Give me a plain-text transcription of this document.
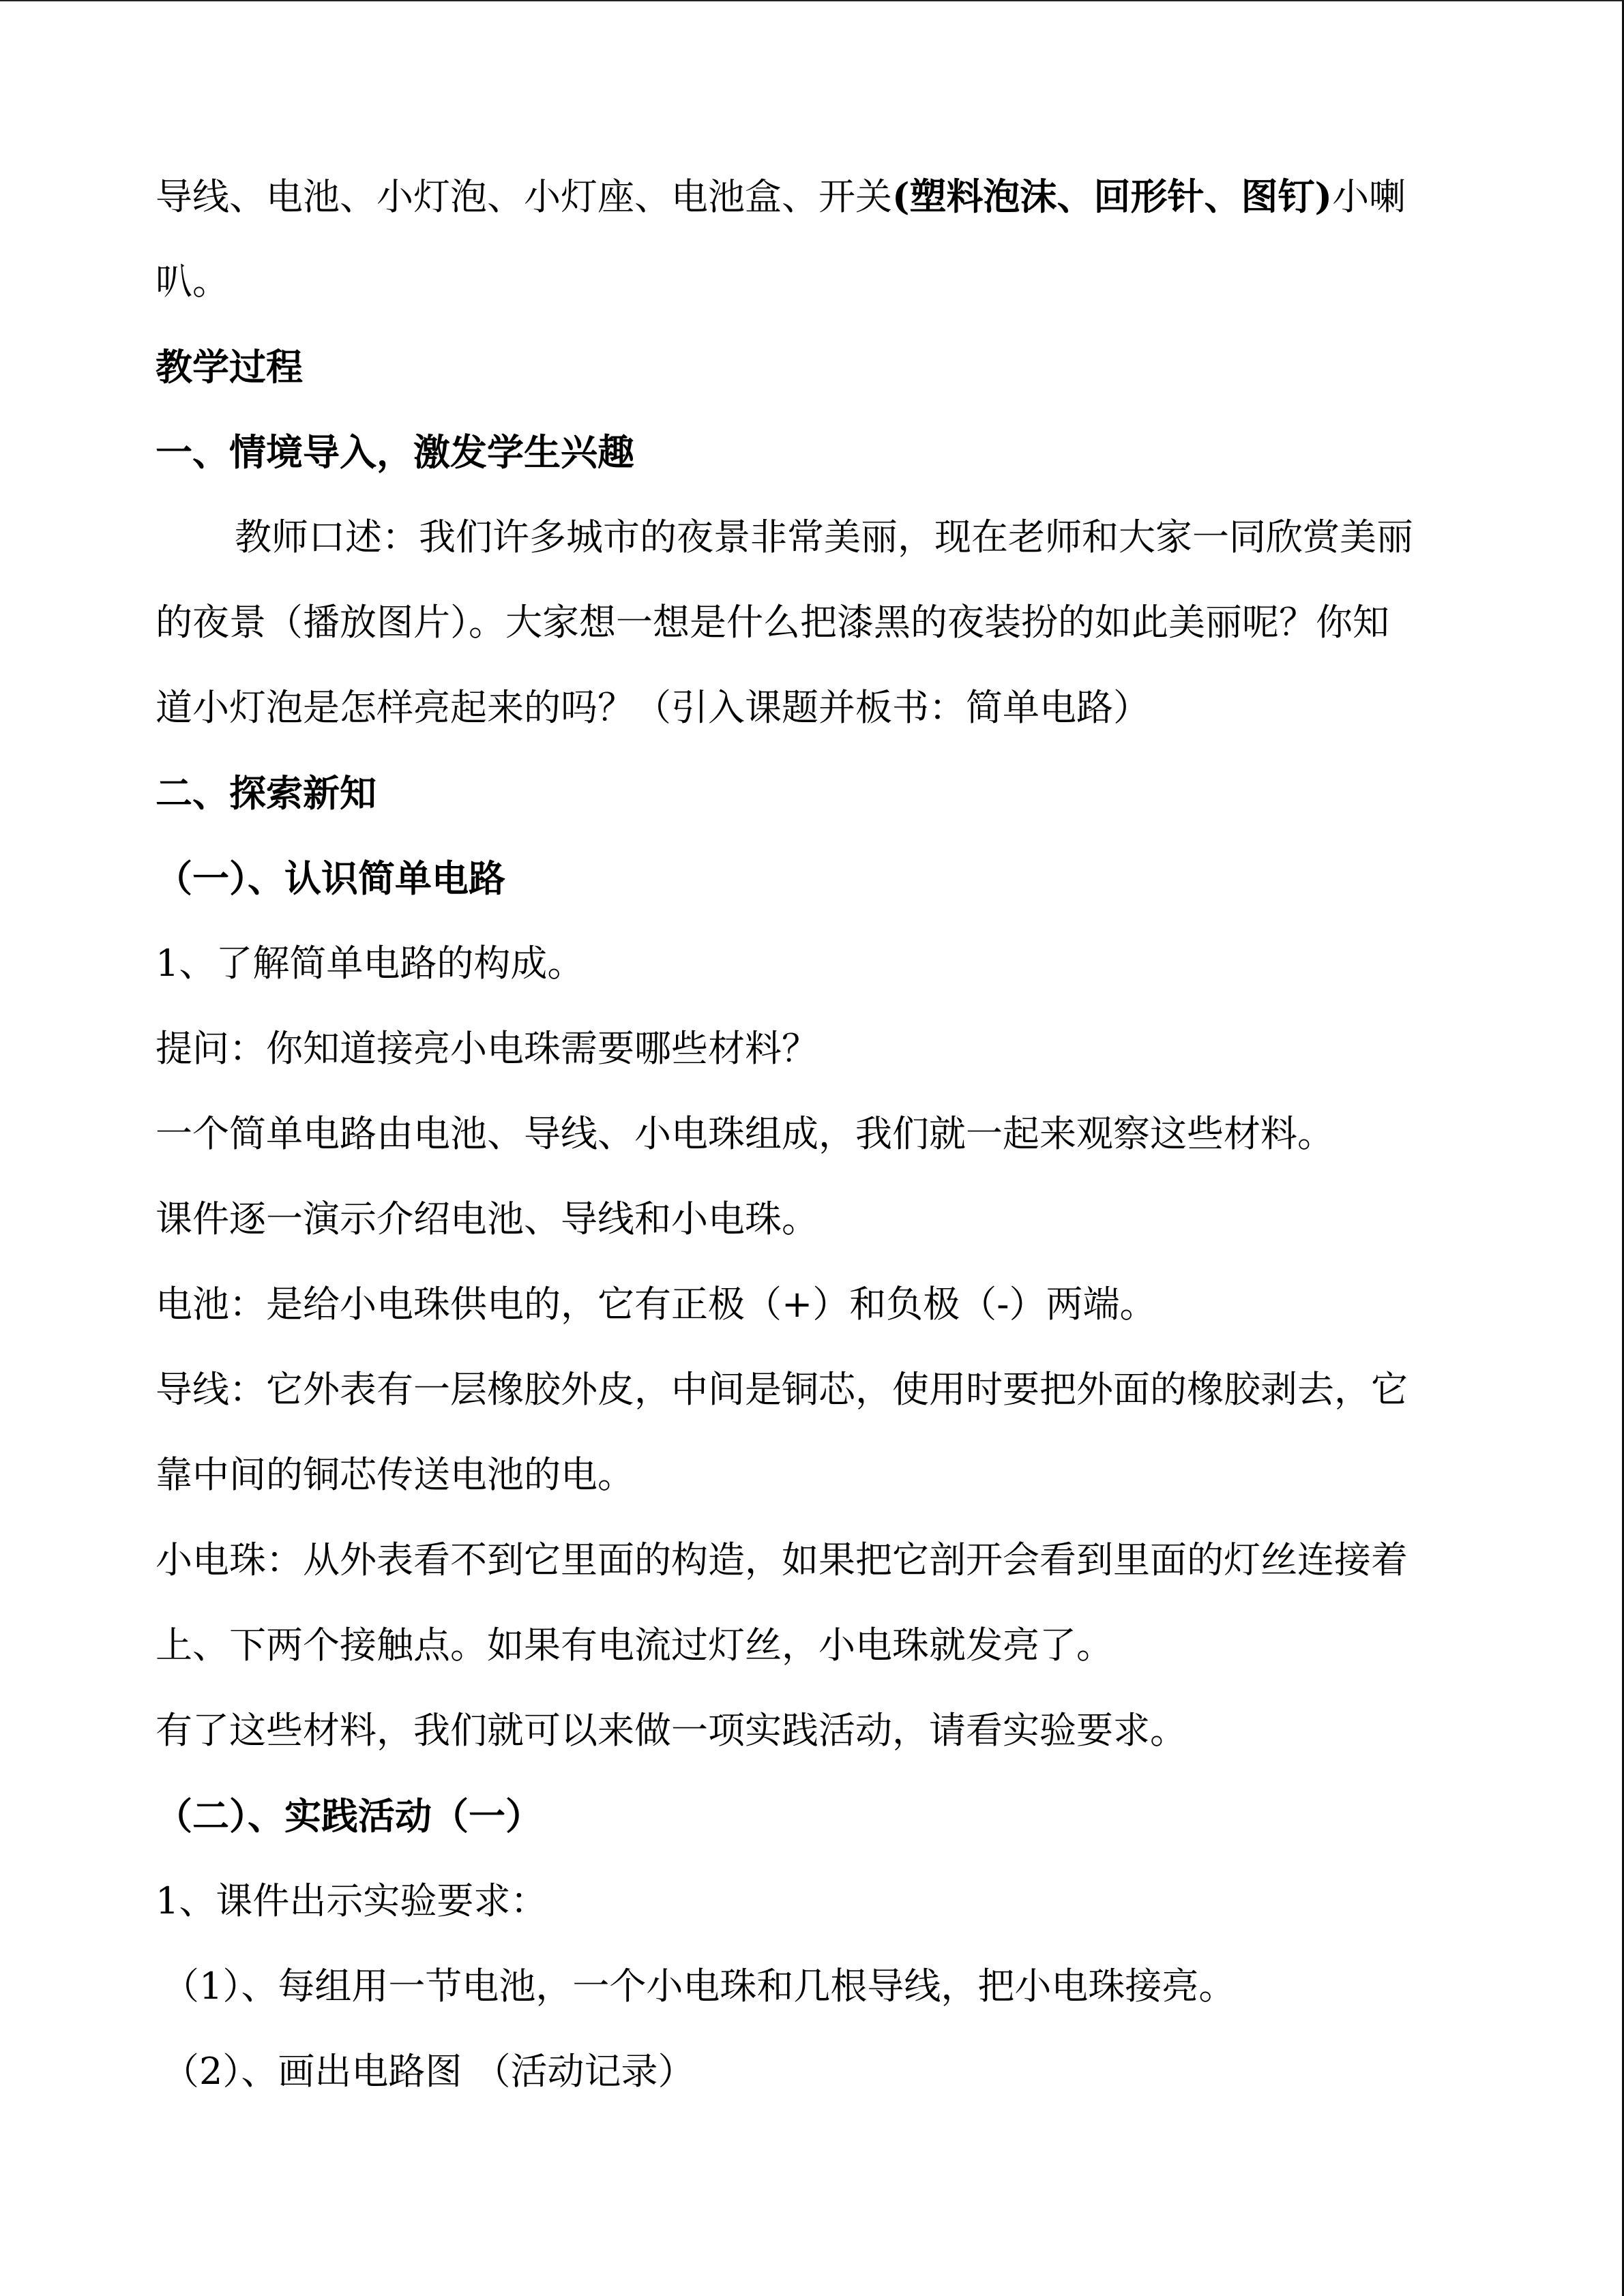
导线、电池、小灯泡、小灯座、电池盒、开关(塑料泡沫、回形针、图钉)小喇
叭。
教学过程
一、情境导入，激发学生兴趣
教师口述：我们许多城市的夜景非常美丽，现在老师和大家一同欣赏美丽
的夜景（播放图片）。大家想一想是什么把漆黑的夜装扮的如此美丽呢？你知
道小灯泡是怎样亮起来的吗？（引入课题并板书：简单电路）
二、探索新知
（一）、认识简单电路
1、了解简单电路的构成。
提问：你知道接亮小电珠需要哪些材料？
一个简单电路由电池、导线、小电珠组成，我们就一起来观察这些材料。
课件逐一演示介绍电池、导线和小电珠。
电池：是给小电珠供电的，它有正极（+）和负极（-）两端。
导线：它外表有一层橡胶外皮，中间是铜芯，使用时要把外面的橡胶剥去，它
靠中间的铜芯传送电池的电。
小电珠：从外表看不到它里面的构造，如果把它剖开会看到里面的灯丝连接着
上、下两个接触点。如果有电流过灯丝，小电珠就发亮了。
有了这些材料，我们就可以来做一项实践活动，请看实验要求。
（二）、实践活动（一）
1、课件出示实验要求：
（1）、每组用一节电池，一个小电珠和几根导线，把小电珠接亮。
（2）、画出电路图 （活动记录）
